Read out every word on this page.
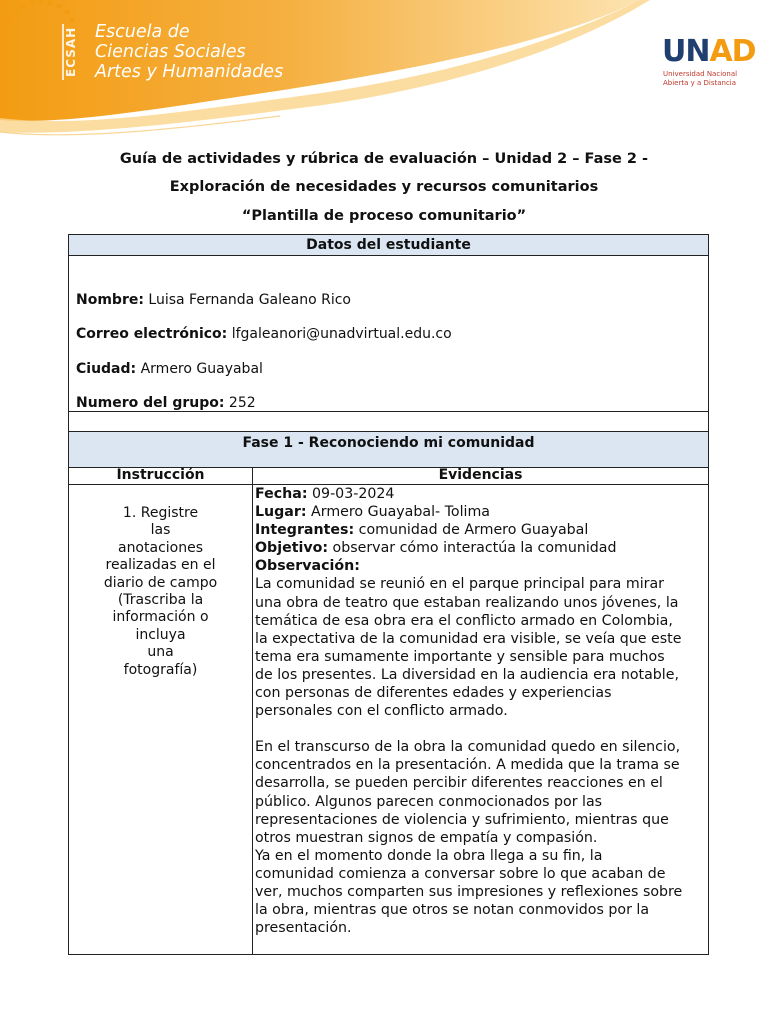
ECSAH Escuela de
Ciencias Sociales
Artes y Humanidades
UNAD
Universidad Nacional
Abierta y a Distancia
Guía de actividades y rúbrica de evaluación – Unidad 2 – Fase 2 -
Exploración de necesidades y recursos comunitarios
“Plantilla de proceso comunitario”
Datos del estudiante
Nombre: Luisa Fernanda Galeano Rico
Correo electrónico: lfgaleanori@unadvirtual.edu.co
Ciudad: Armero Guayabal
Numero del grupo: 252
Fase 1 - Reconociendo mi comunidad
Instrucción	Evidencias
1. Registre
las
anotaciones
realizadas en el
diario de campo
(Trascriba la
información o
incluya
una
fotografía)
Fecha: 09-03-2024
Lugar: Armero Guayabal- Tolima
Integrantes: comunidad de Armero Guayabal
Objetivo: observar cómo interactúa la comunidad
Observación:
La comunidad se reunió en el parque principal para mirar
una obra de teatro que estaban realizando unos jóvenes, la
temática de esa obra era el conflicto armado en Colombia,
la expectativa de la comunidad era visible, se veía que este
tema era sumamente importante y sensible para muchos
de los presentes. La diversidad en la audiencia era notable,
con personas de diferentes edades y experiencias
personales con el conflicto armado.
En el transcurso de la obra la comunidad quedo en silencio,
concentrados en la presentación. A medida que la trama se
desarrolla, se pueden percibir diferentes reacciones en el
público. Algunos parecen conmocionados por las
representaciones de violencia y sufrimiento, mientras que
otros muestran signos de empatía y compasión.
Ya en el momento donde la obra llega a su fin, la
comunidad comienza a conversar sobre lo que acaban de
ver, muchos comparten sus impresiones y reflexiones sobre
la obra, mientras que otros se notan conmovidos por la
presentación.
